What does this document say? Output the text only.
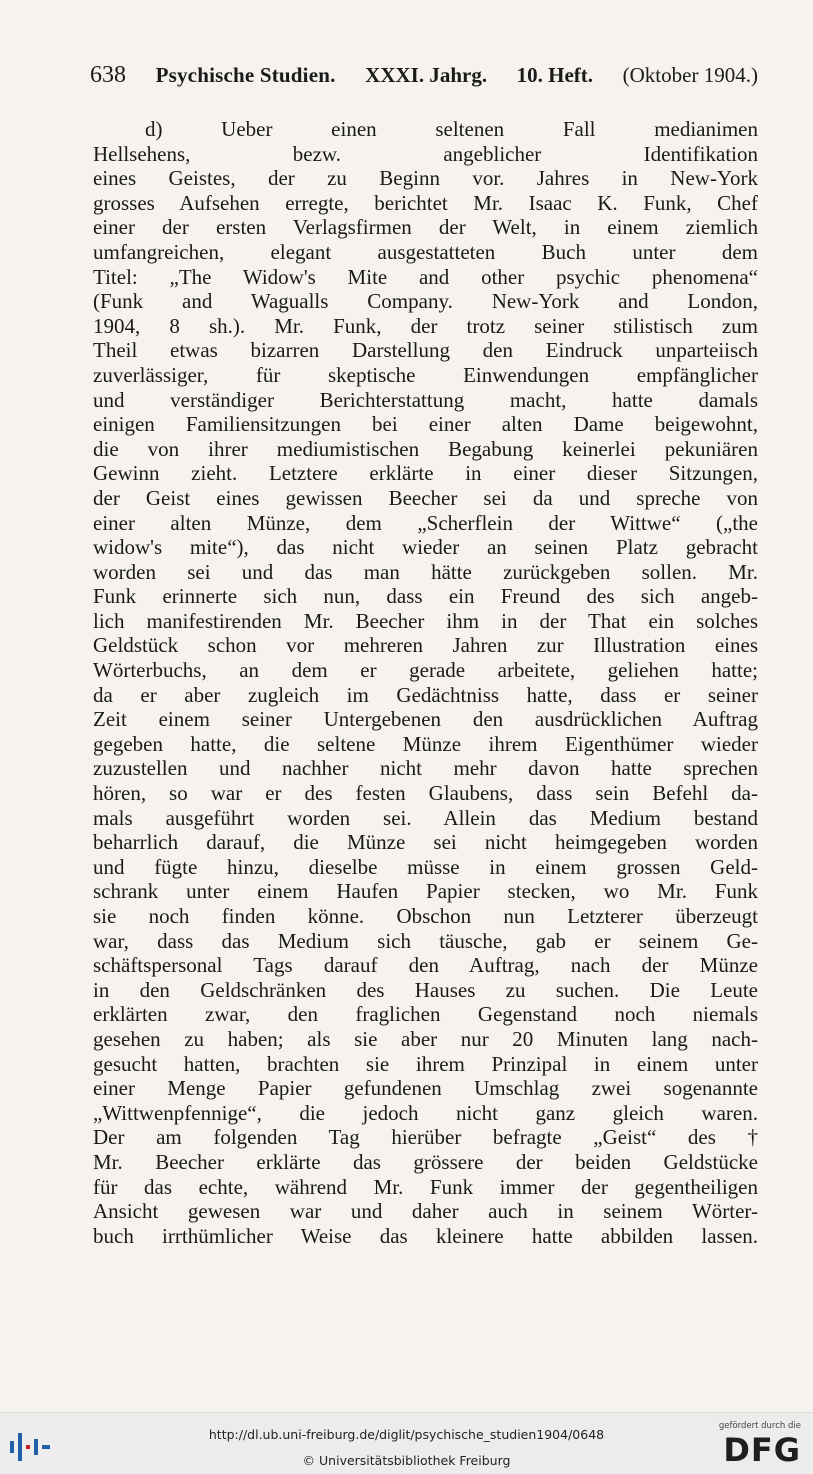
638 Psychische Studien. XXXI. Jahrg. 10. Heft. (Oktober 1904.)
d) Ueber einen seltenen Fall medianimen
Hellsehens, bezw. angeblicher Identifikation
eines Geistes, der zu Beginn vor. Jahres in New-York
grosses Aufsehen erregte, berichtet Mr. Isaac K. Funk, Chef
einer der ersten Verlagsfirmen der Welt, in einem ziemlich
umfangreichen, elegant ausgestatteten Buch unter dem
Titel: „The Widow's Mite and other psychic phenomena“
(Funk and Wagualls Company. New-York and London,
1904, 8 sh.). Mr. Funk, der trotz seiner stilistisch zum
Theil etwas bizarren Darstellung den Eindruck unparteiisch
zuverlässiger, für skeptische Einwendungen empfänglicher
und verständiger Berichterstattung macht, hatte damals
einigen Familiensitzungen bei einer alten Dame beigewohnt,
die von ihrer mediumistischen Begabung keinerlei pekuniären
Gewinn zieht. Letztere erklärte in einer dieser Sitzungen,
der Geist eines gewissen Beecher sei da und spreche von
einer alten Münze, dem „Scherflein der Wittwe“ („the
widow's mite“), das nicht wieder an seinen Platz gebracht
worden sei und das man hätte zurückgeben sollen. Mr.
Funk erinnerte sich nun, dass ein Freund des sich angeb-
lich manifestirenden Mr. Beecher ihm in der That ein solches
Geldstück schon vor mehreren Jahren zur Illustration eines
Wörterbuchs, an dem er gerade arbeitete, geliehen hatte;
da er aber zugleich im Gedächtniss hatte, dass er seiner
Zeit einem seiner Untergebenen den ausdrücklichen Auftrag
gegeben hatte, die seltene Münze ihrem Eigenthümer wieder
zuzustellen und nachher nicht mehr davon hatte sprechen
hören, so war er des festen Glaubens, dass sein Befehl da-
mals ausgeführt worden sei. Allein das Medium bestand
beharrlich darauf, die Münze sei nicht heimgegeben worden
und fügte hinzu, dieselbe müsse in einem grossen Geld-
schrank unter einem Haufen Papier stecken, wo Mr. Funk
sie noch finden könne. Obschon nun Letzterer überzeugt
war, dass das Medium sich täusche, gab er seinem Ge-
schäftspersonal Tags darauf den Auftrag, nach der Münze
in den Geldschränken des Hauses zu suchen. Die Leute
erklärten zwar, den fraglichen Gegenstand noch niemals
gesehen zu haben; als sie aber nur 20 Minuten lang nach-
gesucht hatten, brachten sie ihrem Prinzipal in einem unter
einer Menge Papier gefundenen Umschlag zwei sogenannte
„Wittwenpfennige“, die jedoch nicht ganz gleich waren.
Der am folgenden Tag hierüber befragte „Geist“ des †
Mr. Beecher erklärte das grössere der beiden Geldstücke
für das echte, während Mr. Funk immer der gegentheiligen
Ansicht gewesen war und daher auch in seinem Wörter-
buch irrthümlicher Weise das kleinere hatte abbilden lassen.
http://dl.ub.uni-freiburg.de/diglit/psychische_studien1904/0648
© Universitätsbibliothek Freiburg
gefördert durch die
DFG
